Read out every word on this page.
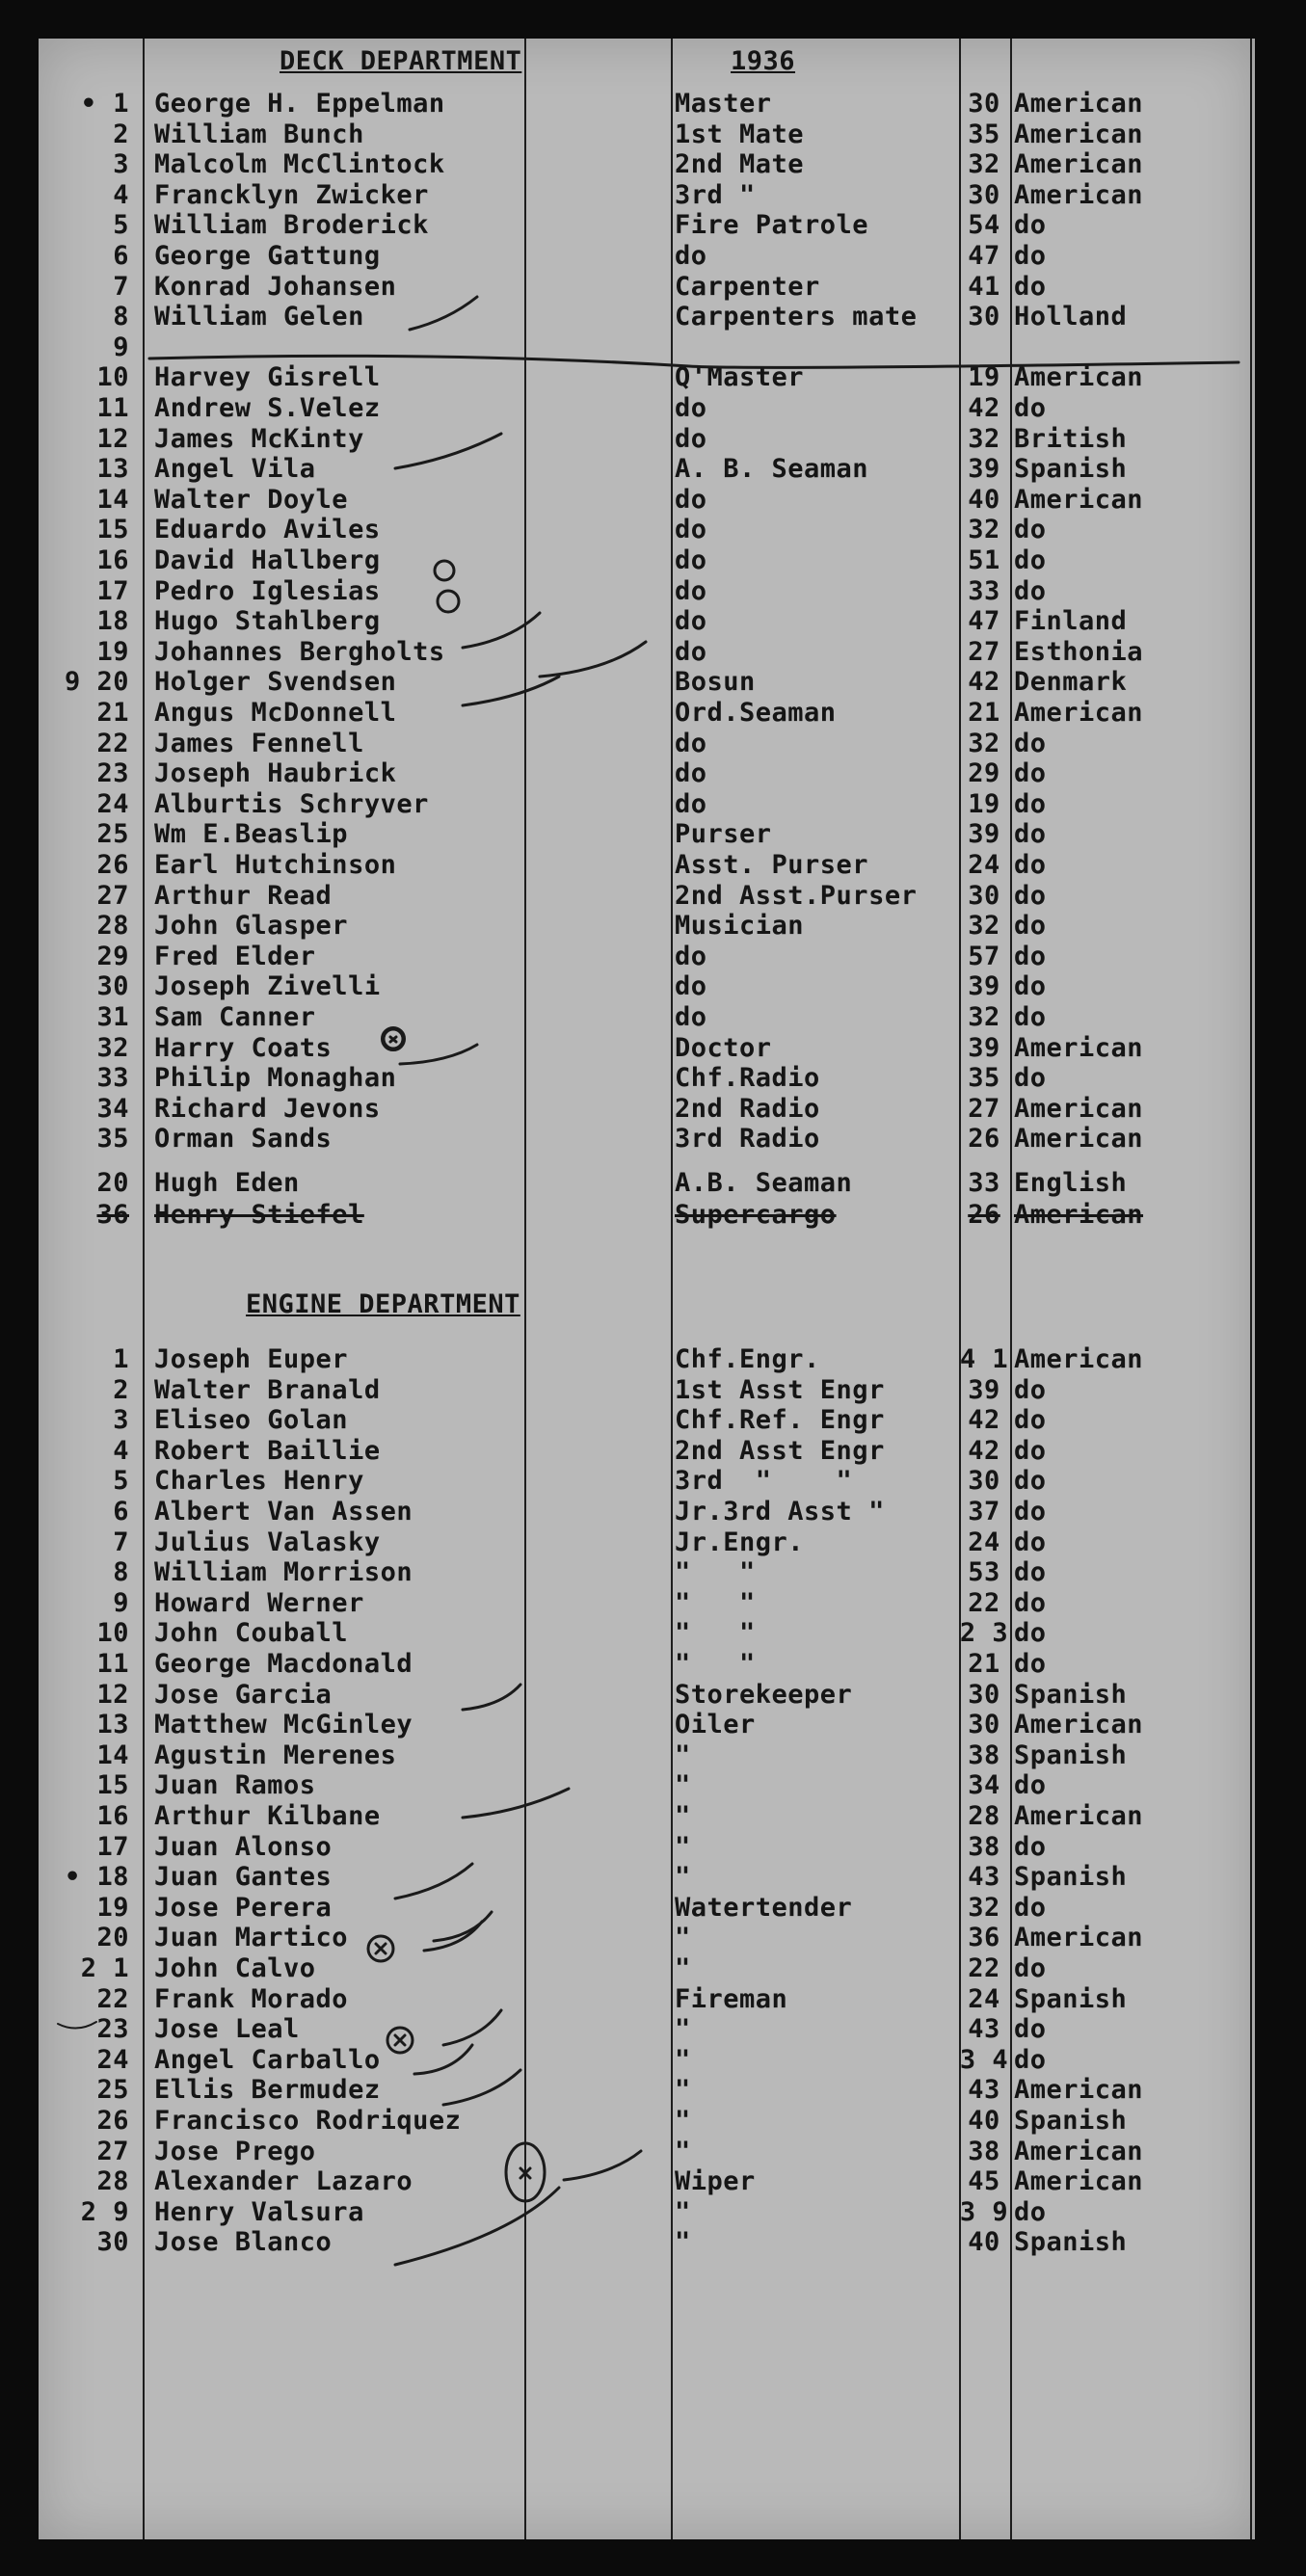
DECK DEPARTMENT	1936
• 1 George H. Eppelman	Master	30 American
2 William Bunch	1st Mate	35 American
3 Malcolm McClintock	2nd Mate	32 American
4 Francklyn Zwicker	3rd "	30 American
5 William Broderick	Fire Patrole	54 do
6 George Gattung	do	47 do
7 Konrad Johansen	Carpenter	41 do
8 William Gelen	Carpenters mate	30 Holland
9
10 Harvey Gisrell	Q'Master	19 American
11 Andrew S.Velez	do	42 do
12 James McKinty	do	32 British
13 Angel Vila	A. B. Seaman	39 Spanish
14 Walter Doyle	do	40 American
15 Eduardo Aviles	do	32 do
16 David Hallberg	do	51 do
17 Pedro Iglesias	do	33 do
18 Hugo Stahlberg	do	47 Finland
19 Johannes Bergholts	do	27 Esthonia
9 20 Holger Svendsen	Bosun	42 Denmark
21 Angus McDonnell	Ord.Seaman	21 American
22 James Fennell	do	32 do
23 Joseph Haubrick	do	29 do
24 Alburtis Schryver	do	19 do
25 Wm E.Beaslip	Purser	39 do
26 Earl Hutchinson	Asst. Purser	24 do
27 Arthur Read	2nd Asst.Purser	30 do
28 John Glasper	Musician	32 do
29 Fred Elder	do	57 do
30 Joseph Zivelli	do	39 do
31 Sam Canner	do	32 do
32 Harry Coats	Doctor	39 American
33 Philip Monaghan	Chf.Radio	35 do
34 Richard Jevons	2nd Radio	27 American
35 Orman Sands	3rd Radio	26 American
20 Hugh Eden	A.B. Seaman	33 English
36 Henry Stiefel	Supercargo	26 American
ENGINE DEPARTMENT
1 Joseph Euper	Chf.Engr.	4 1 American
2 Walter Branald	1st Asst Engr	39 do
3 Eliseo Golan	Chf.Ref. Engr	42 do
4 Robert Baillie	2nd Asst Engr	42 do
5 Charles Henry	3rd  "    "	30 do
6 Albert Van Assen	Jr.3rd Asst "	37 do
7 Julius Valasky	Jr.Engr.	24 do
8 William Morrison	"   "	53 do
9 Howard Werner	"   "	22 do
10 John Couball	"   "	2 3 do
11 George Macdonald	"   "	21 do
12 Jose Garcia	Storekeeper	30 Spanish
13 Matthew McGinley	Oiler	30 American
14 Agustin Merenes	"	38 Spanish
15 Juan Ramos	"	34 do
16 Arthur Kilbane	"	28 American
17 Juan Alonso	"	38 do
• 18 Juan Gantes	"	43 Spanish
19 Jose Perera	Watertender	32 do
20 Juan Martico	"	36 American
2 1 John Calvo	"	22 do
22 Frank Morado	Fireman	24 Spanish
23 Jose Leal	"	43 do
24 Angel Carballo	"	3 4 do
25 Ellis Bermudez	"	43 American
26 Francisco Rodriquez	"	40 Spanish
27 Jose Prego	"	38 American
28 Alexander Lazaro	Wiper	45 American
2 9 Henry Valsura	"	3 9 do
30 Jose Blanco	"	40 Spanish
